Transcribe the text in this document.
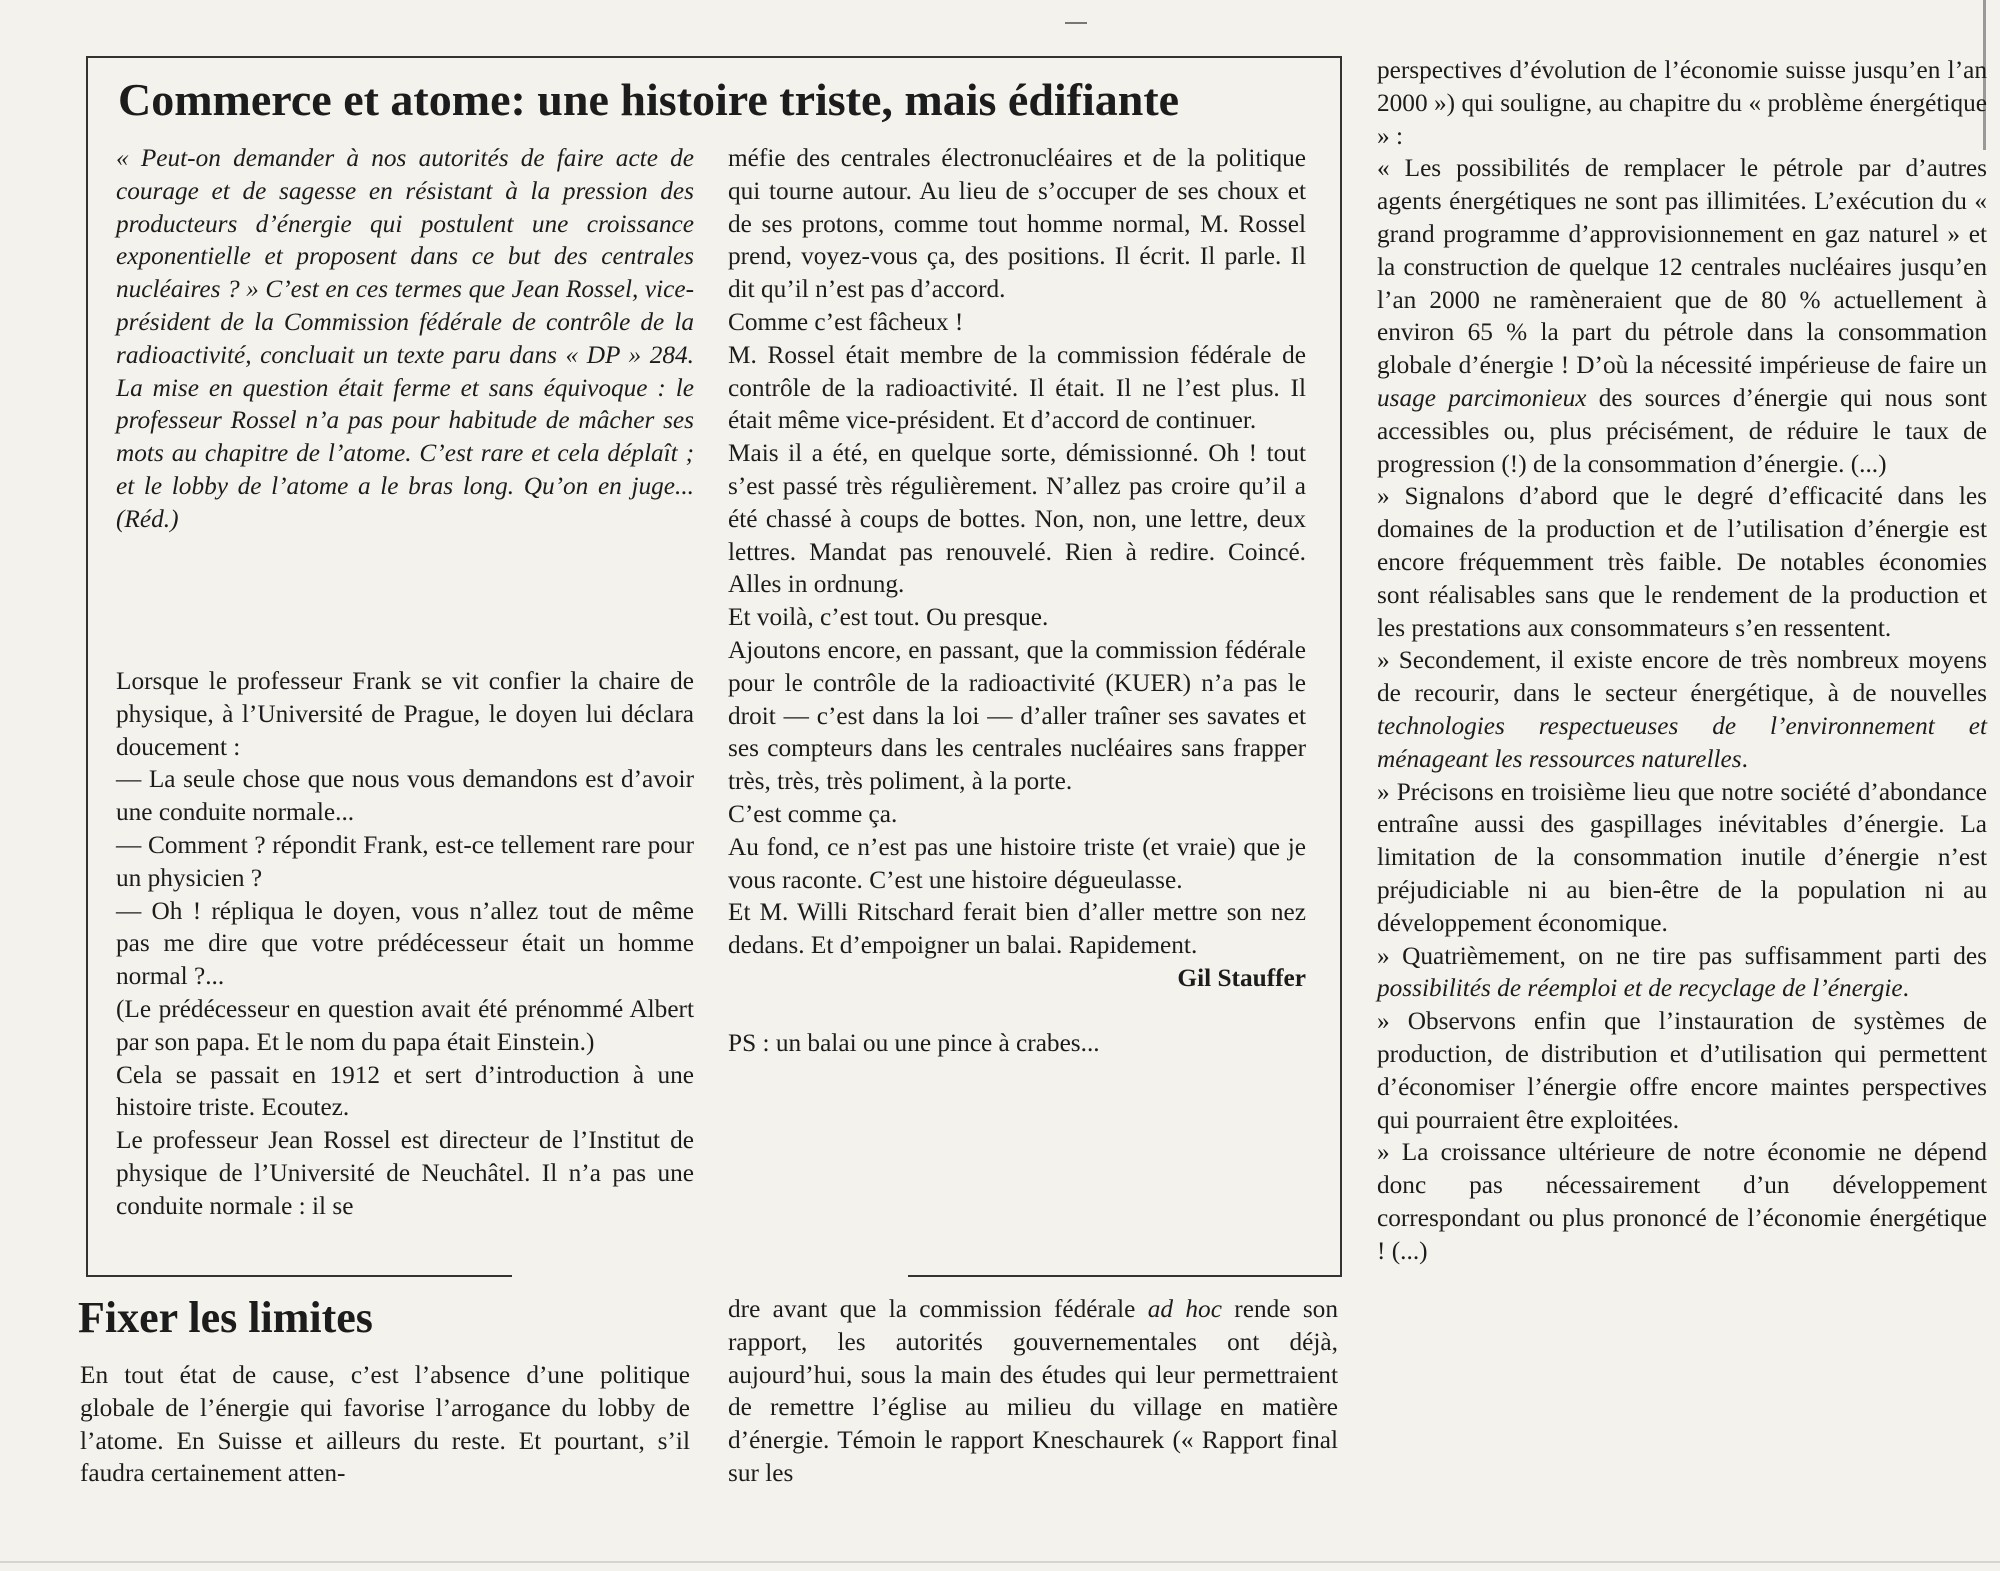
Commerce et atome: une histoire triste, mais édifiante

« Peut-on demander à nos autorités de faire acte de courage et de sagesse en résistant à la pression des producteurs d’énergie qui postulent une croissance exponentielle et proposent dans ce but des centrales nucléaires ? » C’est en ces termes que Jean Rossel, vice-président de la Commission fédérale de contrôle de la radioactivité, concluait un texte paru dans « DP » 284. La mise en question était ferme et sans équivoque : le professeur Rossel n’a pas pour habitude de mâcher ses mots au chapitre de l’atome. C’est rare et cela déplaît ; et le lobby de l’atome a le bras long. Qu’on en juge... (Réd.)

Lorsque le professeur Frank se vit confier la chaire de physique, à l’Université de Prague, le doyen lui déclara doucement :

— La seule chose que nous vous demandons est d’avoir une conduite normale...

— Comment ? répondit Frank, est-ce tellement rare pour un physicien ?

— Oh ! répliqua le doyen, vous n’allez tout de même pas me dire que votre prédécesseur était un homme normal ?...

(Le prédécesseur en question avait été prénommé Albert par son papa. Et le nom du papa était Einstein.)

Cela se passait en 1912 et sert d’introduction à une histoire triste. Ecoutez.

Le professeur Jean Rossel est directeur de l’Institut de physique de l’Université de Neuchâtel. Il n’a pas une conduite normale : il se

méfie des centrales électronucléaires et de la politique qui tourne autour. Au lieu de s’occuper de ses choux et de ses protons, comme tout homme normal, M. Rossel prend, voyez-vous ça, des positions. Il écrit. Il parle. Il dit qu’il n’est pas d’accord.

Comme c’est fâcheux !

M. Rossel était membre de la commission fédérale de contrôle de la radioactivité. Il était. Il ne l’est plus. Il était même vice-président. Et d’accord de continuer.

Mais il a été, en quelque sorte, démissionné. Oh ! tout s’est passé très régulièrement. N’allez pas croire qu’il a été chassé à coups de bottes. Non, non, une lettre, deux lettres. Mandat pas renouvelé. Rien à redire. Coincé. Alles in ordnung.

Et voilà, c’est tout. Ou presque.

Ajoutons encore, en passant, que la commission fédérale pour le contrôle de la radioactivité (KUER) n’a pas le droit — c’est dans la loi — d’aller traîner ses savates et ses compteurs dans les centrales nucléaires sans frapper très, très, très poliment, à la porte.

C’est comme ça.

Au fond, ce n’est pas une histoire triste (et vraie) que je vous raconte. C’est une histoire dégueulasse.

Et M. Willi Ritschard ferait bien d’aller mettre son nez dedans. Et d’empoigner un balai. Rapidement.

Gil Stauffer

PS : un balai ou une pince à crabes...

Fixer les limites

En tout état de cause, c’est l’absence d’une politique globale de l’énergie qui favorise l’arrogance du lobby de l’atome. En Suisse et ailleurs du reste. Et pourtant, s’il faudra certainement atten-

dre avant que la commission fédérale ad hoc rende son rapport, les autorités gouvernementales ont déjà, aujourd’hui, sous la main des études qui leur permettraient de remettre l’église au milieu du village en matière d’énergie. Témoin le rapport Kneschaurek (« Rapport final sur les

perspectives d’évolution de l’économie suisse jusqu’en l’an 2000 ») qui souligne, au chapitre du « problème énergétique » :

« Les possibilités de remplacer le pétrole par d’autres agents énergétiques ne sont pas illimitées. L’exécution du « grand programme d’approvisionnement en gaz naturel » et la construction de quelque 12 centrales nucléaires jusqu’en l’an 2000 ne ramèneraient que de 80 % actuellement à environ 65 % la part du pétrole dans la consommation globale d’énergie ! D’où la nécessité impérieuse de faire un usage parcimonieux des sources d’énergie qui nous sont accessibles ou, plus précisément, de réduire le taux de progression (!) de la consommation d’énergie. (...)

» Signalons d’abord que le degré d’efficacité dans les domaines de la production et de l’utilisation d’énergie est encore fréquemment très faible. De notables économies sont réalisables sans que le rendement de la production et les prestations aux consommateurs s’en ressentent.

» Secondement, il existe encore de très nombreux moyens de recourir, dans le secteur énergétique, à de nouvelles technologies respectueuses de l’environnement et ménageant les ressources naturelles.

» Précisons en troisième lieu que notre société d’abondance entraîne aussi des gaspillages inévitables d’énergie. La limitation de la consommation inutile d’énergie n’est préjudiciable ni au bien-être de la population ni au développement économique.

» Quatrièmement, on ne tire pas suffisamment parti des possibilités de réemploi et de recyclage de l’énergie.

» Observons enfin que l’instauration de systèmes de production, de distribution et d’utilisation qui permettent d’économiser l’énergie offre encore maintes perspectives qui pourraient être exploitées.

» La croissance ultérieure de notre économie ne dépend donc pas nécessairement d’un développement correspondant ou plus prononcé de l’économie énergétique ! (...)
